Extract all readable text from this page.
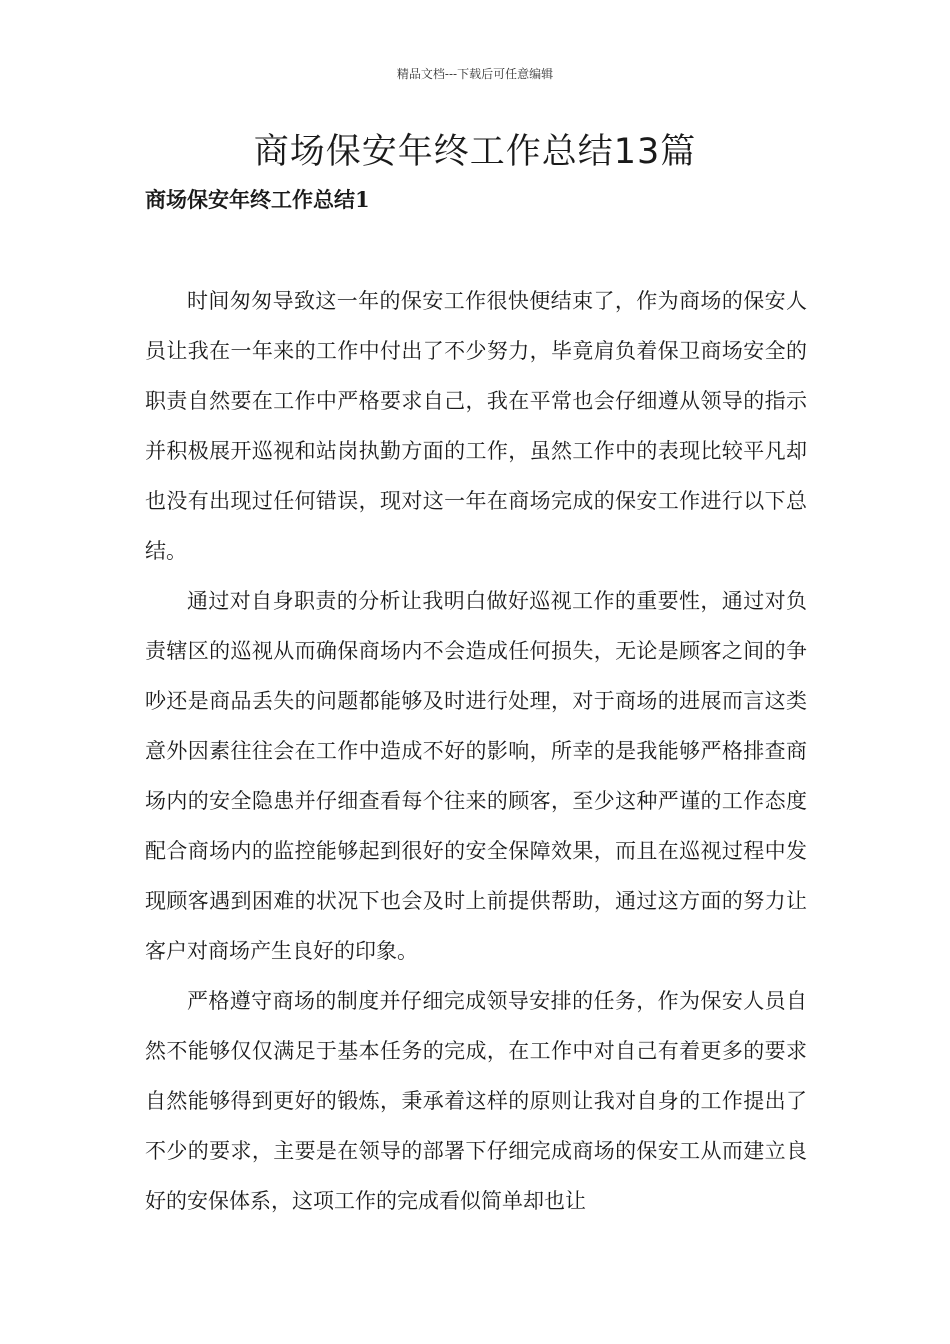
精品文档---下载后可任意编辑
商场保安年终工作总结13篇
商场保安年终工作总结1

时间匆匆导致这一年的保安工作很快便结束了，作为商场的保安人员让我在一年来的工作中付出了不少努力，毕竟肩负着保卫商场安全的职责自然要在工作中严格要求自己，我在平常也会仔细遵从领导的指示并积极展开巡视和站岗执勤方面的工作，虽然工作中的表现比较平凡却也没有出现过任何错误，现对这一年在商场完成的保安工作进行以下总结。

通过对自身职责的分析让我明白做好巡视工作的重要性，通过对负责辖区的巡视从而确保商场内不会造成任何损失，无论是顾客之间的争吵还是商品丢失的问题都能够及时进行处理，对于商场的进展而言这类意外因素往往会在工作中造成不好的影响，所幸的是我能够严格排查商场内的安全隐患并仔细查看每个往来的顾客，至少这种严谨的工作态度配合商场内的监控能够起到很好的安全保障效果，而且在巡视过程中发现顾客遇到困难的状况下也会及时上前提供帮助，通过这方面的努力让客户对商场产生良好的印象。

严格遵守商场的制度并仔细完成领导安排的任务，作为保安人员自然不能够仅仅满足于基本任务的完成，在工作中对自己有着更多的要求自然能够得到更好的锻炼，秉承着这样的原则让我对自身的工作提出了不少的要求，主要是在领导的部署下仔细完成商场的保安工从而建立良好的安保体系，这项工作的完成看似简单却也让
